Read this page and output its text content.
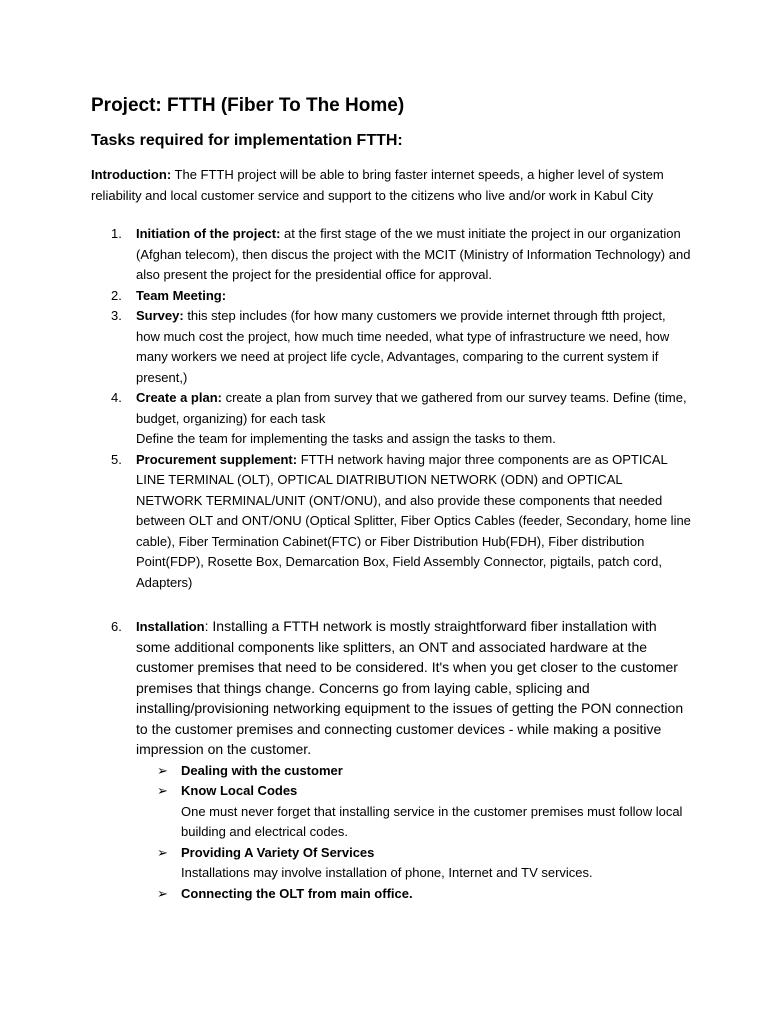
Project: FTTH (Fiber To The Home)
Tasks required for implementation FTTH:

Introduction: The FTTH project will be able to bring faster internet speeds, a higher level of system reliability and local customer service and support to the citizens who live and/or work in Kabul City

1. Initiation of the project: at the first stage of the we must initiate the project in our organization (Afghan telecom), then discus the project with the MCIT (Ministry of Information Technology) and also present the project for the presidential office for approval.
2. Team Meeting:
3. Survey: this step includes (for how many customers we provide internet through ftth project, how much cost the project, how much time needed, what type of infrastructure we need, how many workers we need at project life cycle, Advantages, comparing to the current system if present,)
4. Create a plan: create a plan from survey that we gathered from our survey teams. Define (time, budget, organizing) for each task
Define the team for implementing the tasks and assign the tasks to them.
5. Procurement supplement: FTTH network having major three components are as OPTICAL LINE TERMINAL (OLT), OPTICAL DIATRIBUTION NETWORK (ODN) and OPTICAL NETWORK TERMINAL/UNIT (ONT/ONU), and also provide these components that needed between OLT and ONT/ONU (Optical Splitter, Fiber Optics Cables (feeder, Secondary, home line cable), Fiber Termination Cabinet(FTC) or Fiber Distribution Hub(FDH), Fiber distribution Point(FDP), Rosette Box, Demarcation Box, Field Assembly Connector, pigtails, patch cord, Adapters)
6. Installation: Installing a FTTH network is mostly straightforward fiber installation with some additional components like splitters, an ONT and associated hardware at the customer premises that need to be considered. It's when you get closer to the customer premises that things change. Concerns go from laying cable, splicing and installing/provisioning networking equipment to the issues of getting the PON connection to the customer premises and connecting customer devices - while making a positive impression on the customer.
➢ Dealing with the customer
➢ Know Local Codes
One must never forget that installing service in the customer premises must follow local building and electrical codes.
➢ Providing A Variety Of Services
Installations may involve installation of phone, Internet and TV services.
➢ Connecting the OLT from main office.
